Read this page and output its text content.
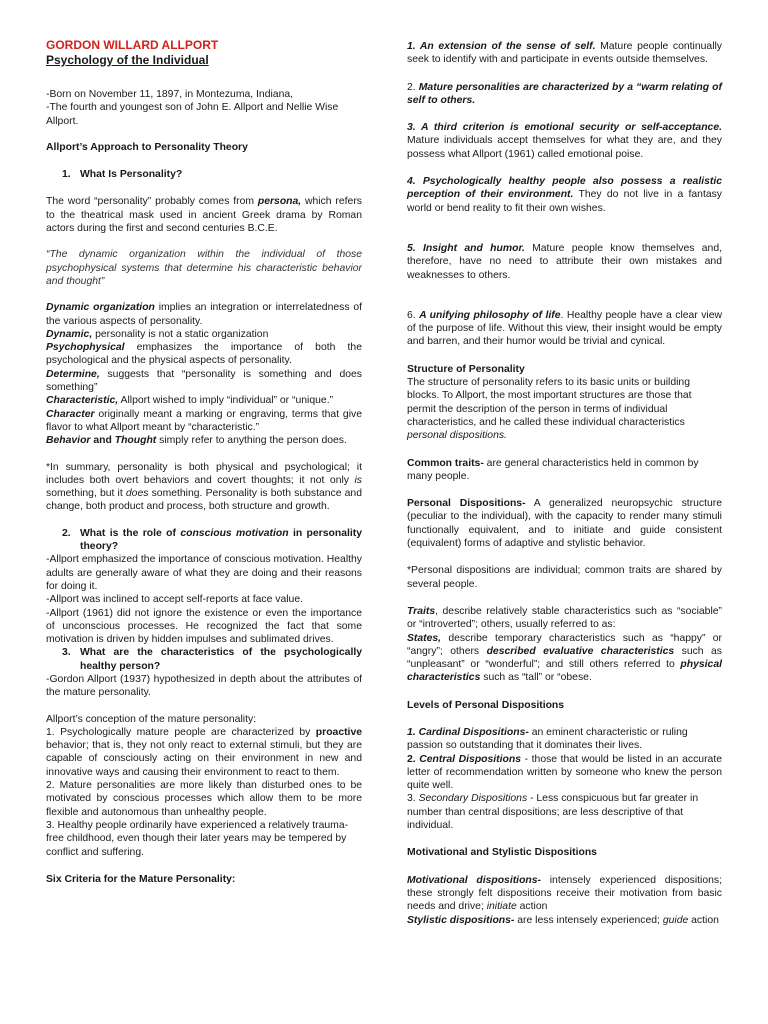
GORDON WILLARD ALLPORT

Psychology of the Individual

-Born on November 11, 1897, in Montezuma, Indiana,

-The fourth and youngest son of John E. Allport and Nellie Wise Allport.

Allport’s Approach to Personality Theory

1. What Is Personality?

The word “personality” probably comes from persona, which refers to the theatrical mask used in ancient Greek drama by Roman actors during the first and second centuries B.C.E.

“The dynamic organization within the individual of those psychophysical systems that determine his characteristic behavior and thought”

Dynamic organization implies an integration or interrelatedness of the various aspects of personality.

Dynamic, personality is not a static organization

Psychophysical emphasizes the importance of both the psychological and the physical aspects of personality.

Determine, suggests that “personality is something and does something”

Characteristic, Allport wished to imply “individual” or “unique.”

Character originally meant a marking or engraving, terms that give flavor to what Allport meant by “characteristic.”

Behavior and Thought simply refer to anything the person does.

*In summary, personality is both physical and psychological; it includes both overt behaviors and covert thoughts; it not only is something, but it does something. Personality is both substance and change, both product and process, both structure and growth.

2. What is the role of conscious motivation in personality theory?

-Allport emphasized the importance of conscious motivation. Healthy adults are generally aware of what they are doing and their reasons for doing it.

-Allport was inclined to accept self-reports at face value.

-Allport (1961) did not ignore the existence or even the importance of unconscious processes. He recognized the fact that some motivation is driven by hidden impulses and sublimated drives.

3. What are the characteristics of the psychologically healthy person?

-Gordon Allport (1937) hypothesized in depth about the attributes of the mature personality.

Allport’s conception of the mature personality:

1. Psychologically mature people are characterized by proactive behavior; that is, they not only react to external stimuli, but they are capable of consciously acting on their environment in new and innovative ways and causing their environment to react to them.

2. Mature personalities are more likely than disturbed ones to be motivated by conscious processes which allow them to be more flexible and autonomous than unhealthy people.

3. Healthy people ordinarily have experienced a relatively trauma-free childhood, even though their later years may be tempered by conflict and suffering.

Six Criteria for the Mature Personality:

1. An extension of the sense of self. Mature people continually seek to identify with and participate in events outside themselves.

2. Mature personalities are characterized by a “warm relating of self to others.

3. A third criterion is emotional security or self-acceptance. Mature individuals accept themselves for what they are, and they possess what Allport (1961) called emotional poise.

4. Psychologically healthy people also possess a realistic perception of their environment. They do not live in a fantasy world or bend reality to fit their own wishes.

5. Insight and humor. Mature people know themselves and, therefore, have no need to attribute their own mistakes and weaknesses to others.

6. A unifying philosophy of life. Healthy people have a clear view of the purpose of life. Without this view, their insight would be empty and barren, and their humor would be trivial and cynical.

Structure of Personality

The structure of personality refers to its basic units or building blocks. To Allport, the most important structures are those that permit the description of the person in terms of individual characteristics, and he called these individual characteristics personal dispositions.

Common traits- are general characteristics held in common by many people.

Personal Dispositions- A generalized neuropsychic structure (peculiar to the individual), with the capacity to render many stimuli functionally equivalent, and to initiate and guide consistent (equivalent) forms of adaptive and stylistic behavior.

*Personal dispositions are individual; common traits are shared by several people.

Traits, describe relatively stable characteristics such as “sociable” or “introverted”; others, usually referred to as:

States, describe temporary characteristics such as “happy” or “angry”; others described evaluative characteristics such as “unpleasant” or “wonderful”; and still others referred to physical characteristics such as “tall” or “obese.

Levels of Personal Dispositions

1. Cardinal Dispositions- an eminent characteristic or ruling passion so outstanding that it dominates their lives.

2. Central Dispositions - those that would be listed in an accurate letter of recommendation written by someone who knew the person quite well.

3. Secondary Dispositions - Less conspicuous but far greater in number than central dispositions; are less descriptive of that individual.

Motivational and Stylistic Dispositions

Motivational dispositions- intensely experienced dispositions; these strongly felt dispositions receive their motivation from basic needs and drive; initiate action

Stylistic dispositions- are less intensely experienced; guide action
